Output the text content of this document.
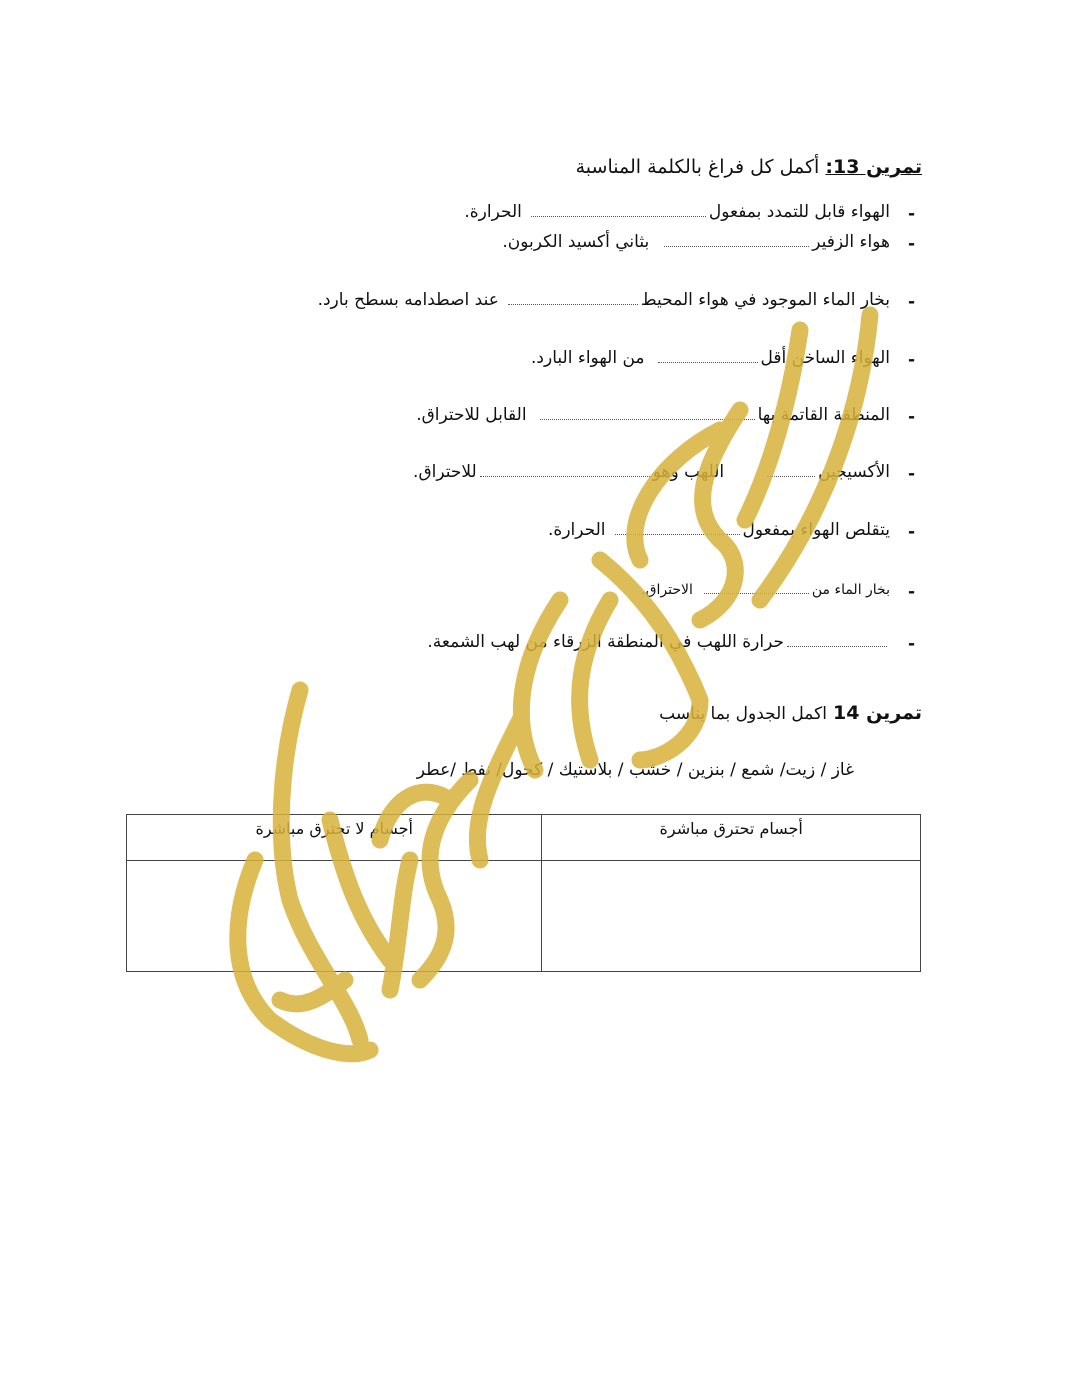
تمرين 13: أكمل كل فراغ بالكلمة المناسبة
-
الهواء قابل للتمدد بمفعولالحرارة.
-
هواء الزفيربثاني أكسيد الكربون.
-
بخار الماء الموجود في هواء المحيطعند اصطدامه بسطح بارد.
-
الهواء الساخن أقلمن الهواء البارد.
-
المنطقة القاتمة بهاالقابل للاحتراق.
-
الأكسيجيناللهب وهوللاحتراق.
-
يتقلص الهواء بمفعولالحرارة.
-
بخار الماء منالاحتراق.
-
حرارة اللهب في المنطقة الزرقاء من لهب الشمعة.
تمرين 14 اكمل الجدول بما يناسب
غاز / زيت/ شمع / بنزين / خشب / بلاستيك / كحول/ نفط /عطر
أجسام تحترق مباشرة	أجسام لا تحترق مباشرة
